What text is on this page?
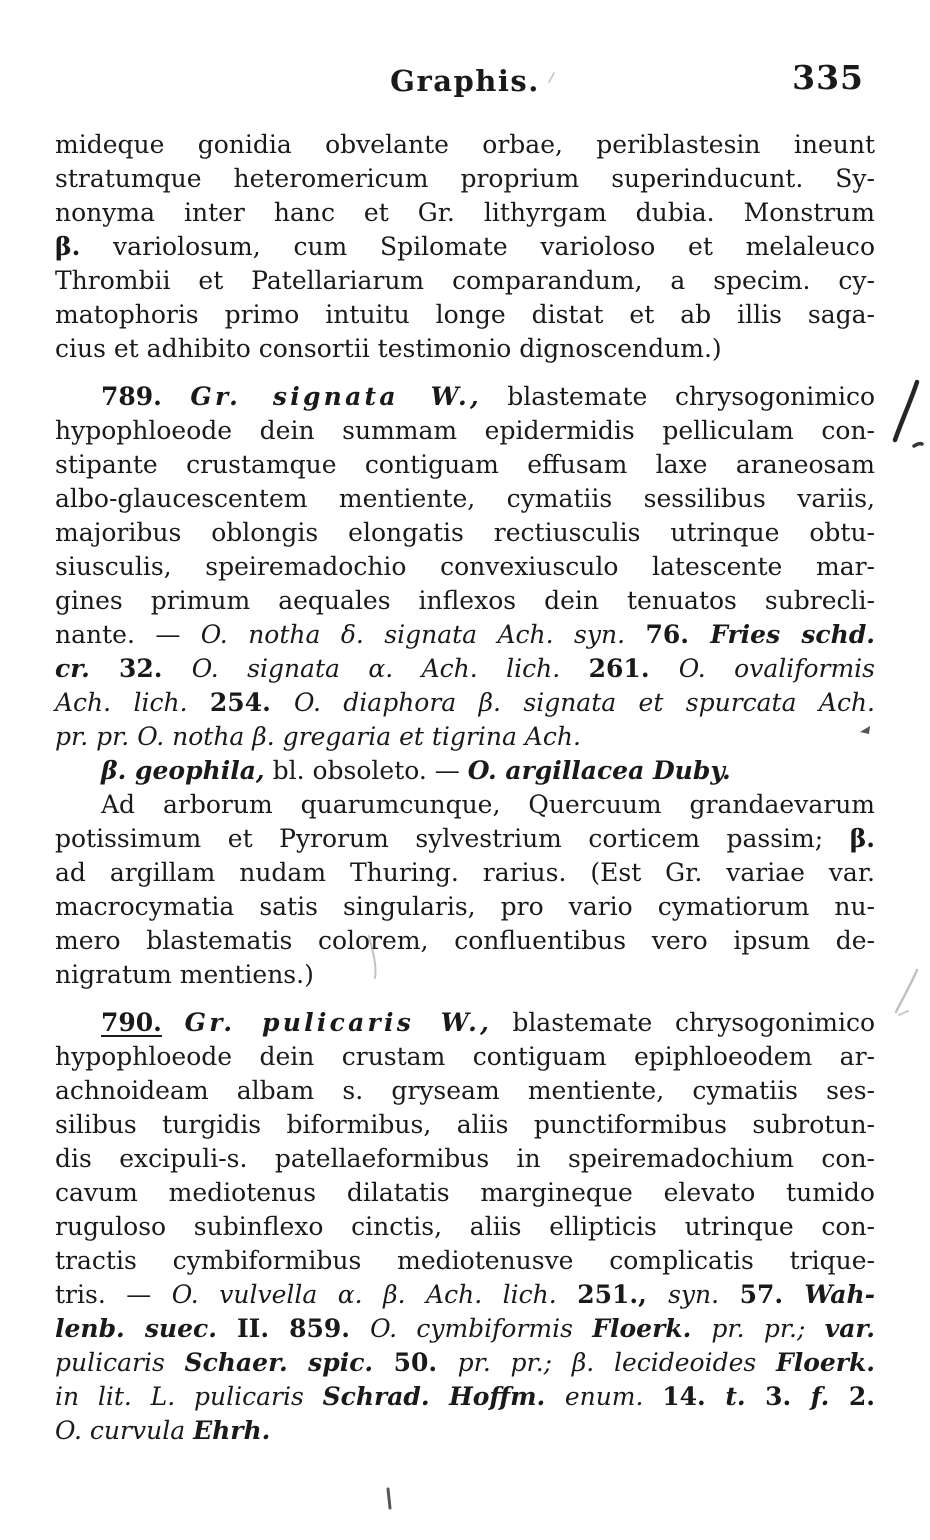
Graphis.	335
mideque gonidia obvelante orbae, periblastesin ineunt
stratumque heteromericum proprium superinducunt. Sy-
nonyma inter hanc et Gr. lithyrgam dubia. Monstrum
β. variolosum, cum Spilomate varioloso et melaleuco
Thrombii et Patellariarum comparandum, a specim. cy-
matophoris primo intuitu longe distat et ab illis saga-
cius et adhibito consortii testimonio dignoscendum.)
789. Gr. signata W., blastemate chrysogonimico
hypophloeode dein summam epidermidis pelliculam con-
stipante crustamque contiguam effusam laxe araneosam
albo-glaucescentem mentiente, cymatiis sessilibus variis,
majoribus oblongis elongatis rectiusculis utrinque obtu-
siusculis, speiremadochio convexiusculo latescente mar-
gines primum aequales inflexos dein tenuatos subrecli-
nante. — O. notha δ. signata Ach. syn. 76. Fries schd.
cr. 32. O. signata α. Ach. lich. 261. O. ovaliformis
Ach. lich. 254. O. diaphora β. signata et spurcata Ach.
pr. pr. O. notha β. gregaria et tigrina Ach.
β. geophila, bl. obsoleto. — O. argillacea Duby.
Ad arborum quarumcunque, Quercuum grandaevarum
potissimum et Pyrorum sylvestrium corticem passim; β.
ad argillam nudam Thuring. rarius. (Est Gr. variae var.
macrocymatia satis singularis, pro vario cymatiorum nu-
mero blastematis colorem, confluentibus vero ipsum de-
nigratum mentiens.)
790. Gr. pulicaris W., blastemate chrysogonimico
hypophloeode dein crustam contiguam epiphloeodem ar-
achnoideam albam s. gryseam mentiente, cymatiis ses-
silibus turgidis biformibus, aliis punctiformibus subrotun-
dis excipuli-s. patellaeformibus in speiremadochium con-
cavum mediotenus dilatatis margineque elevato tumido
ruguloso subinflexo cinctis, aliis ellipticis utrinque con-
tractis cymbiformibus mediotenusve complicatis trique-
tris. — O. vulvella α. β. Ach. lich. 251., syn. 57. Wah-
lenb. suec. II. 859. O. cymbiformis Floerk. pr. pr.; var.
pulicaris Schaer. spic. 50. pr. pr.; β. lecideoides Floerk.
in lit. L. pulicaris Schrad. Hoffm. enum. 14. t. 3. f. 2.
O. curvula Ehrh.
